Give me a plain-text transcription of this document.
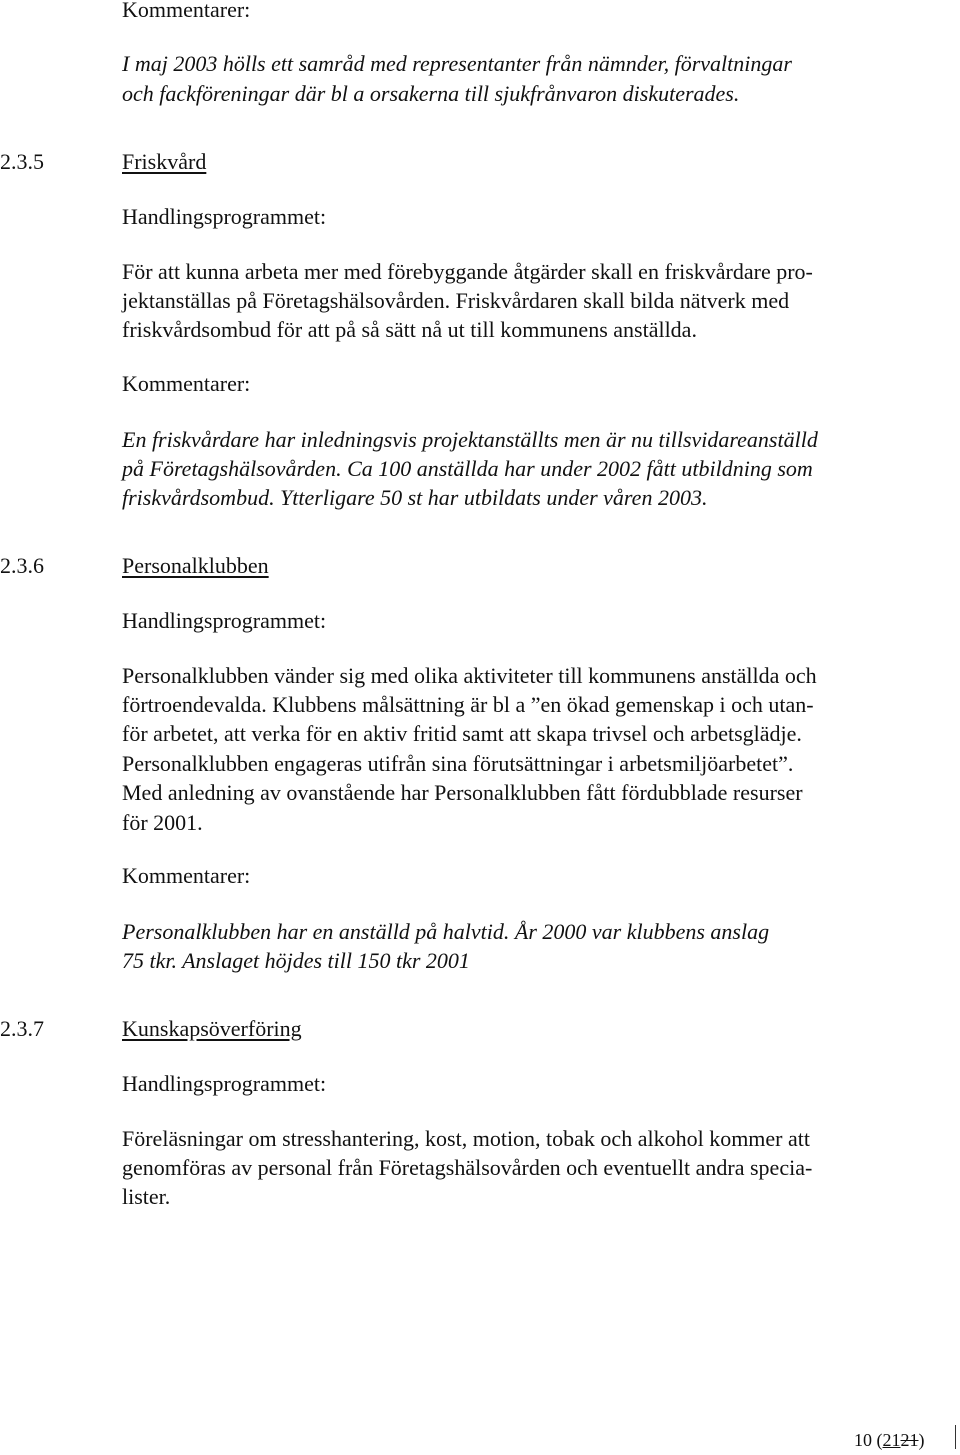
Kommentarer:
I maj 2003 hölls ett samråd med representanter från nämnder, förvaltningar
och fackföreningar där bl a orsakerna till sjukfrånvaron diskuterades.
2.3.5	Friskvård
Handlingsprogrammet:
För att kunna arbeta mer med förebyggande åtgärder skall en friskvårdare pro-
jektanställas på Företagshälsovården. Friskvårdaren skall bilda nätverk med
friskvårdsombud för att på så sätt nå ut till kommunens anställda.
Kommentarer:
En friskvårdare har inledningsvis projektanställts men är nu tillsvidareanställd
på Företagshälsovården. Ca 100 anställda har under 2002 fått utbildning som
friskvårdsombud. Ytterligare 50 st har utbildats under våren 2003.
2.3.6	Personalklubben
Handlingsprogrammet:
Personalklubben vänder sig med olika aktiviteter till kommunens anställda och
förtroendevalda. Klubbens målsättning är bl a ”en ökad gemenskap i och utan-
för arbetet, att verka för en aktiv fritid samt att skapa trivsel och arbetsglädje.
Personalklubben engageras utifrån sina förutsättningar i arbetsmiljöarbetet”.
Med anledning av ovanstående har Personalklubben fått fördubblade resurser
för 2001.
Kommentarer:
Personalklubben har en anställd på halvtid. År 2000 var klubbens anslag
75 tkr. Anslaget höjdes till 150 tkr 2001
2.3.7	Kunskapsöverföring
Handlingsprogrammet:
Föreläsningar om stresshantering, kost, motion, tobak och alkohol kommer att
genomföras av personal från Företagshälsovården och eventuellt andra specia-
lister.
10 (2121)
